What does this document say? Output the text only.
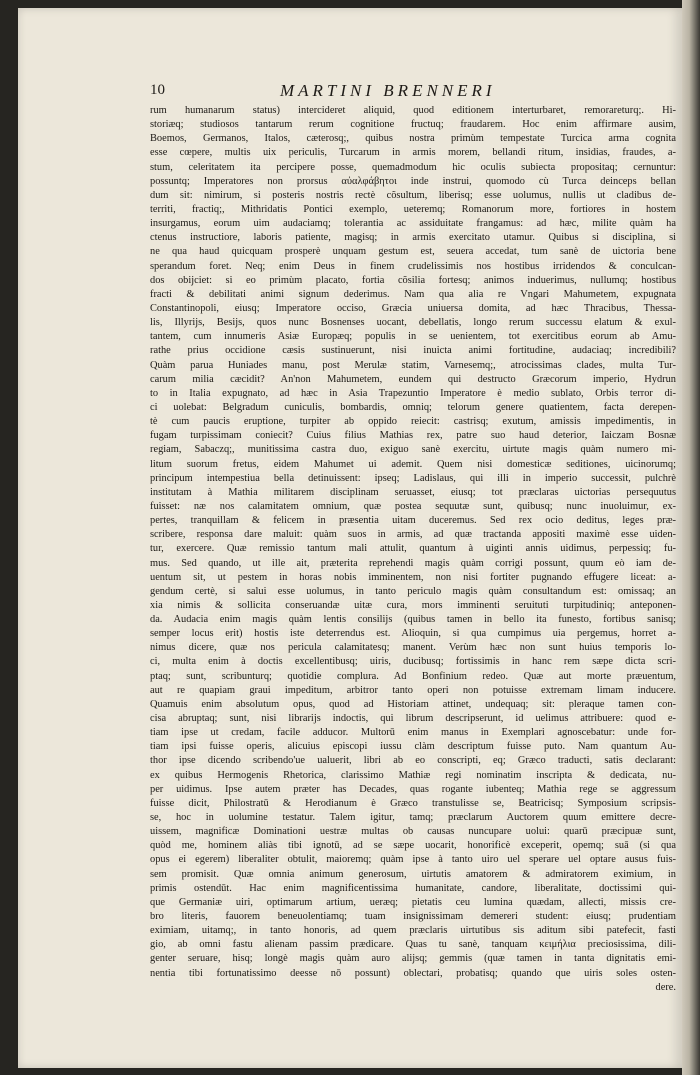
10	MARTINI BRENNERI
rum humanarum status) intercideret aliquid, quod editionem interturbaret, remorareturq;. Hi-
storiæq; studiosos tantarum rerum cognitione fructuq; fraudarem. Hoc enim affirmare ausim,
Boemos, Germanos, Italos, cæterosq;, quibus nostra primùm tempestate Turcica arma cognita
esse cœpere, multis uix periculis, Turcarum in armis morem, bellandi ritum, insidias, fraudes, a-
stum, celeritatem ita percipere posse, quemadmodum hic oculis subiecta propositaq; cernuntur:
possuntq; Imperatores non prorsus αὐαλφάβητοι inde instrui, quomodo cù Turca deinceps bellan
dum sit: nimirum, si posteris nostris rectè cõsultum, liberisq; esse uolumus, nullis ut cladibus de-
territi, fractiq;, Mithridatis Pontici exemplo, ueteremq; Romanorum more, fortiores in hostem
insurgamus, eorum uim audaciamq; tolerantia ac assiduitate frangamus: ad hæc, milite quàm ha
ctenus instructiore, laboris patiente, magisq; in armis exercitato utamur. Quibus si disciplina, si
ne qua haud quicquam prosperè unquam gestum est, seuera accedat, tum sanè de uictoria bene
sperandum foret. Neq; enim Deus in finem crudelissimis nos hostibus irridendos & conculcan-
dos obijciet: si eo primùm placato, fortia cõsilia fortesq; animos induerimus, nullumq; hostibus
fracti & debilitati animi signum dederimus. Nam qua alia re Vngari Mahumetem, expugnata
Constantinopoli, eiusq; Imperatore occiso, Græcia uniuersa domita, ad hæc Thracibus, Thessa-
lis, Illyrijs, Besijs, quos nunc Bosnenses uocant, debellatis, longo rerum successu elatum & exul-
tantem, cum innumeris Asiæ Europæq; populis in se uenientem, tot exercitibus eorum ab Amu-
rathe prius occidione cæsis sustinuerunt, nisi inuicta animi fortitudine, audaciaq; incredibili?
Quàm parua Huniades manu, post Merulæ statim, Varnesemq;, atrocissimas clades, multa Tur-
carum milia cæcidit? An'non Mahumetem, eundem qui destructo Græcorum imperio, Hydrun
to in Italia expugnato, ad hæc in Asia Trapezuntio Imperatore è medio sublato, Orbis terror di-
ci uolebat: Belgradum cuniculis, bombardis, omniq; telorum genere quatientem, facta derepen-
tè cum paucis eruptione, turpiter ab oppido reiecit: castrisq; exutum, amissis impedimentis, in
fugam turpissimam coniecit? Cuius filius Mathias rex, patre suo haud deterior, Iaiczam Bosnæ
regiam, Sabaczq;, munitissima castra duo, exiguo sanè exercitu, uirtute magis quàm numero mi-
litum suorum fretus, eidem Mahumet ui ademit. Quem nisi domesticæ seditiones, uicinorumq;
principum intempestiua bella detinuissent: ipseq; Ladislaus, qui illi in imperio successit, pulchrè
institutam à Mathia militarem disciplinam seruasset, eiusq; tot præclaras uictorias persequutus
fuisset: næ nos calamitatem omnium, quæ postea sequutæ sunt, quibusq; nunc inuoluimur, ex-
pertes, tranquillam & felicem in præsentia uitam duceremus. Sed rex ocio deditus, leges præ-
scribere, responsa dare maluit: quàm suos in armis, ad quæ tractanda appositi maximè esse uiden-
tur, exercere. Quæ remissio tantum mali attulit, quantum à uiginti annis uidimus, perpessiq; fu-
mus. Sed quando, ut ille ait, præterita reprehendi magis quàm corrigi possunt, quum eò iam de-
uentum sit, ut pestem in horas nobis imminentem, non nisi fortiter pugnando effugere liceat: a-
gendum certè, si salui esse uolumus, in tanto periculo magis quàm consultandum est: omissaq; an
xia nimis & sollicita conseruandæ uitæ cura, mors imminenti seruituti turpitudiniq; anteponen-
da. Audacia enim magis quàm lentis consilijs (quibus tamen in bello ita funesto, fortibus sanisq;
semper locus erit) hostis iste deterrendus est. Alioquin, si qua cumpimus uia pergemus, horret a-
nimus dicere, quæ nos pericula calamitatesq; manent. Verùm hæc non sunt huius temporis lo-
ci, multa enim à doctis excellentibusq; uiris, ducibusq; fortissimis in hanc rem sæpe dicta scri-
ptaq; sunt, scribunturq; quotidie complura. Ad Bonfinium redeo. Quæ aut morte præuentum,
aut re quapiam graui impeditum, arbitror tanto operi non potuisse extremam limam inducere.
Quamuis enim absolutum opus, quod ad Historiam attinet, undequaq; sit: pleraque tamen con-
cisa abruptaq; sunt, nisi librarijs indoctis, qui librum descripserunt, id uelimus attribuere: quod e-
tiam ipse ut credam, facile adducor. Multorū enim manus in Exemplari agnoscebatur: unde for-
tiam ipsi fuisse operis, alicuius episcopi iussu clàm descriptum fuisse puto. Nam quantum Au-
thor ipse dicendo scribendo'ue ualuerit, libri ab eo conscripti, eq; Græco traducti, satis declarant:
ex quibus Hermogenis Rhetorica, clarissimo Mathiæ regi nominatim inscripta & dedicata, nu-
per uidimus. Ipse autem præter has Decades, quas rogante iubenteq; Mathia rege se aggressum
fuisse dicit, Philostratū & Herodianum è Græco transtulisse se, Beatricisq; Symposium scripsis-
se, hoc in uolumine testatur. Talem igitur, tamq; præclarum Auctorem quum emittere decre-
uissem, magnificæ Dominationi uestræ multas ob causas nuncupare uolui: quarū præcipuæ sunt,
quòd me, hominem aliàs tibi ignotū, ad se sæpe uocarit, honorificè exceperit, opemq; suā (si qua
opus ei egerem) liberaliter obtulit, maioremq; quàm ipse à tanto uiro uel sperare uel optare ausus fuis-
sem promisit. Quæ omnia animum generosum, uirtutis amatorem & admiratorem eximium, in
primis ostendūt. Hac enim magnificentissima humanitate, candore, liberalitate, doctissimi qui-
que Germaniæ uiri, optimarum artium, ueræq; pietatis ceu lumina quædam, allecti, missis cre-
bro literis, fauorem beneuolentiamq; tuam insignissimam demereri student: eiusq; prudentiam
eximiam, uitamq;, in tanto honoris, ad quem præclaris uirtutibus sis aditum sibi patefecit, fasti
gio, ab omni fastu alienam passim prædicare. Quas tu sanè, tanquam κειμήλια preciosissima, dili-
genter seruare, hisq; longè magis quàm auro alijsq; gemmis (quæ tamen in tanta dignitatis emi-
nentia tibi fortunatissimo deesse nō possunt) oblectari, probatisq; quando que uiris soles osten-
dere.
